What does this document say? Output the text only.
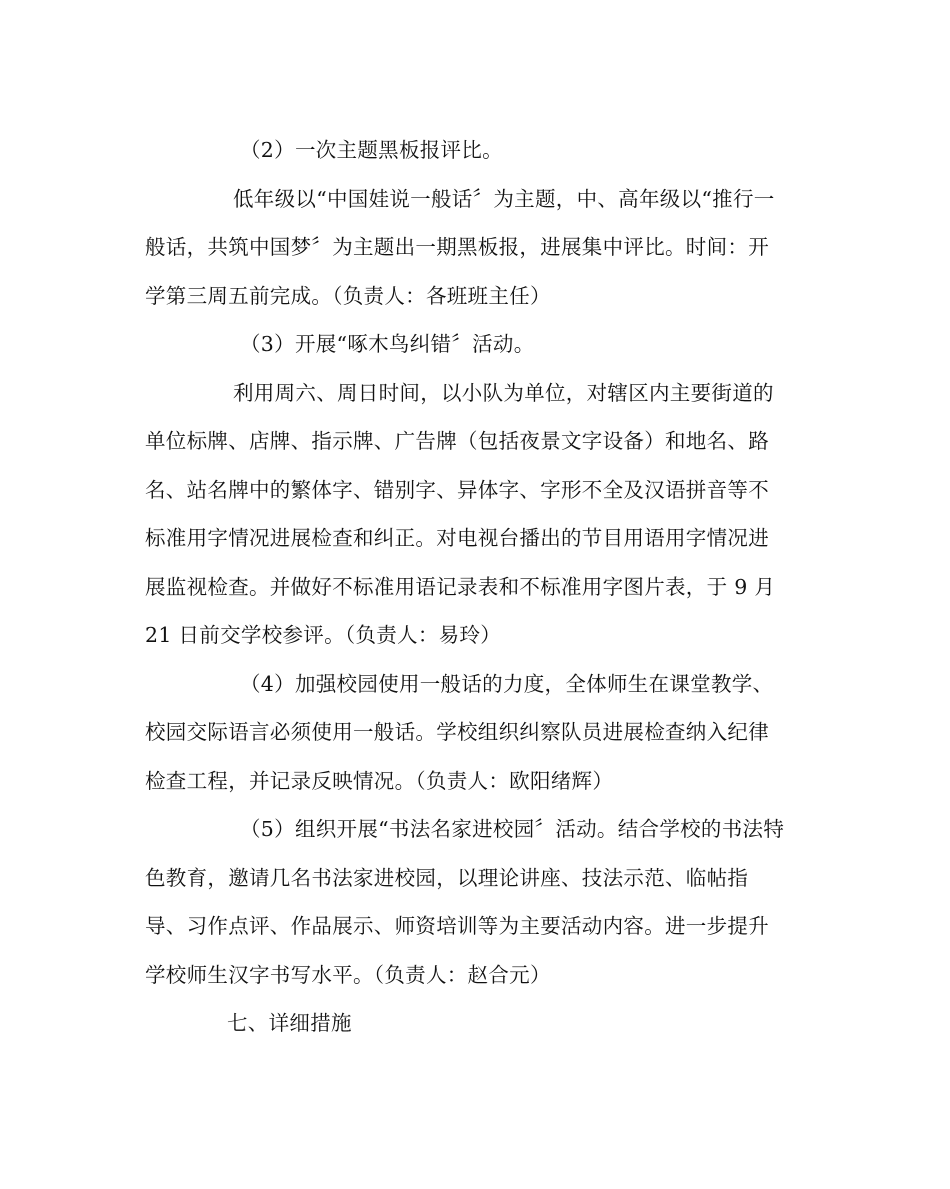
（2）一次主题黑板报评比。
低年级以“中国娃说一般话〞为主题，中、高年级以“推行一
般话，共筑中国梦〞为主题出一期黑板报，进展集中评比。时间：开
学第三周五前完成。（负责人：各班班主任）
（3）开展“啄木鸟纠错〞活动。
利用周六、周日时间，以小队为单位，对辖区内主要街道的
单位标牌、店牌、指示牌、广告牌（包括夜景文字设备）和地名、路
名、站名牌中的繁体字、错别字、异体字、字形不全及汉语拼音等不
标准用字情况进展检查和纠正。对电视台播出的节目用语用字情况进
展监视检查。并做好不标准用语记录表和不标准用字图片表，于 9 月
21 日前交学校参评。（负责人：易玲）
（4）加强校园使用一般话的力度，全体师生在课堂教学、
校园交际语言必须使用一般话。学校组织纠察队员进展检查纳入纪律
检查工程，并记录反映情况。（负责人：欧阳绪辉）
（5）组织开展“书法名家进校园〞活动。结合学校的书法特
色教育，邀请几名书法家进校园，以理论讲座、技法示范、临帖指
导、习作点评、作品展示、师资培训等为主要活动内容。进一步提升
学校师生汉字书写水平。（负责人：赵合元）
七、详细措施
